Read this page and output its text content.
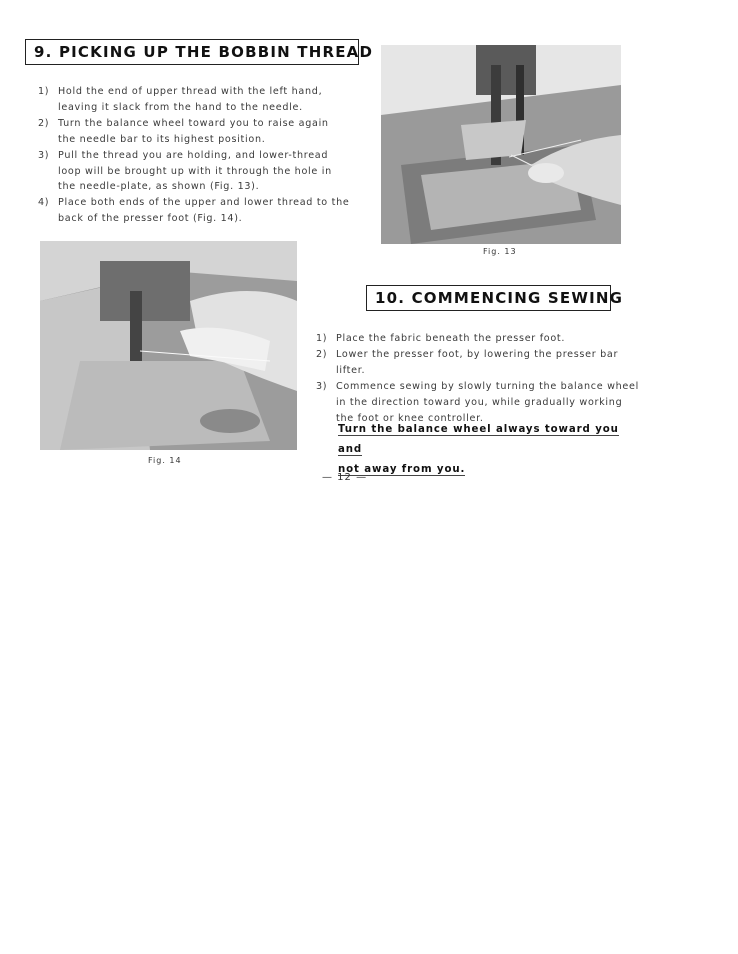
9. PICKING UP THE BOBBIN THREAD
1) Hold the end of upper thread with the left hand, leaving it slack from the hand to the needle.
2) Turn the balance wheel toward you to raise again the needle bar to its highest position.
3) Pull the thread you are holding, and lower-thread loop will be brought up with it through the hole in the needle-plate, as shown (Fig. 13).
4) Place both ends of the upper and lower thread to the back of the presser foot (Fig. 14).
Fig. 13
Fig. 14
10. COMMENCING SEWING
1) Place the fabric beneath the presser foot.
2) Lower the presser foot, by lowering the presser bar lifter.
3) Commence sewing by slowly turning the balance wheel in the direction toward you, while gradually working the foot or knee controller.
Turn the balance wheel always toward you and
not away from you.
— 12 —
